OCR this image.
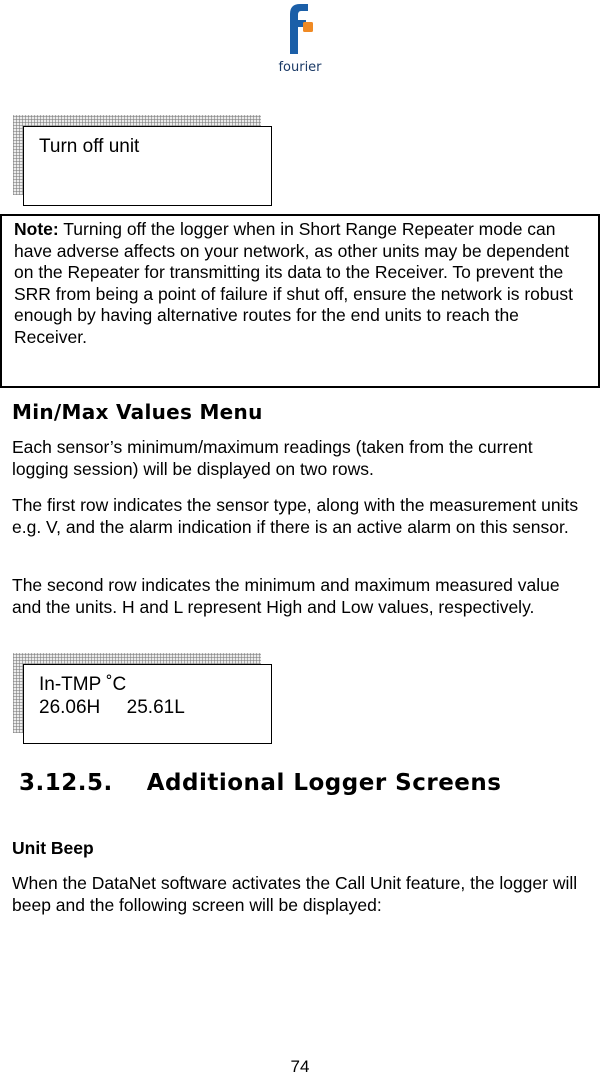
fourier
Turn off unit
Note: Turning off the logger when in Short Range Repeater mode can have adverse affects on your network, as other units may be dependent on the Repeater for transmitting its data to the Receiver. To prevent the SRR from being a point of failure if shut off, ensure the network is robust enough by having alternative routes for the end units to reach the Receiver.
Min/Max Values Menu
Each sensor’s minimum/maximum readings (taken from the current logging session) will be displayed on two rows.
The first row indicates the sensor type, along with the measurement units e.g. V, and the alarm indication if there is an active alarm on this sensor.
The second row indicates the minimum and maximum measured value and the units. H and L represent High and Low values, respectively.
In-TMP ˚C
26.06H     25.61L
3.12.5.    Additional Logger Screens
Unit Beep
When the DataNet software activates the Call Unit feature, the logger will beep and the following screen will be displayed:
74
